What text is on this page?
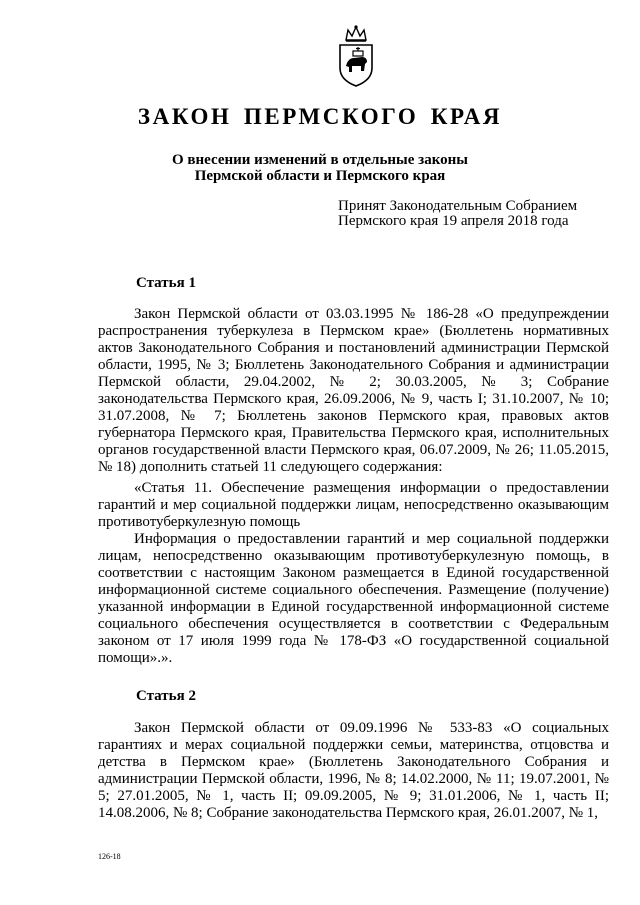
ЗАКОН ПЕРМСКОГО КРАЯ
О внесении изменений в отдельные законы
Пермской области и Пермского края
Принят Законодательным Собранием
Пермского края 19 апреля 2018 года
Статья 1

Закон Пермской области от 03.03.1995 № 186-28 «О предупреждении распространения туберкулеза в Пермском крае» (Бюллетень нормативных актов Законодательного Собрания и постановлений администрации Пермской области, 1995, № 3; Бюллетень Законодательного Собрания и администрации Пермской области, 29.04.2002, № 2; 30.03.2005, № 3; Собрание законодательства Пермского края, 26.09.2006, № 9, часть I; 31.10.2007, № 10; 31.07.2008, № 7; Бюллетень законов Пермского края, правовых актов губернатора Пермского края, Правительства Пермского края, исполнительных органов государственной власти Пермского края, 06.07.2009, № 26; 11.05.2015, № 18) дополнить статьей 11 следующего содержания:

«Статья 11. Обеспечение размещения информации о предоставлении гарантий и мер социальной поддержки лицам, непосредственно оказывающим противотуберкулезную помощь

Информация о предоставлении гарантий и мер социальной поддержки лицам, непосредственно оказывающим противотуберкулезную помощь, в соответствии с настоящим Законом размещается в Единой государственной информационной системе социального обеспечения. Размещение (получение) указанной информации в Единой государственной информационной системе социального обеспечения осуществляется в соответствии с Федеральным законом от 17 июля 1999 года № 178-ФЗ «О государственной социальной помощи».».

Статья 2

Закон Пермской области от 09.09.1996 № 533-83 «О социальных гарантиях и мерах социальной поддержки семьи, материнства, отцовства и детства в Пермском крае» (Бюллетень Законодательного Собрания и администрации Пермской области, 1996, № 8; 14.02.2000, № 11; 19.07.2001, № 5; 27.01.2005, № 1, часть II; 09.09.2005, № 9; 31.01.2006, № 1, часть II; 14.08.2006, № 8; Собрание законодательства Пермского края, 26.01.2007, № 1,

126-18
